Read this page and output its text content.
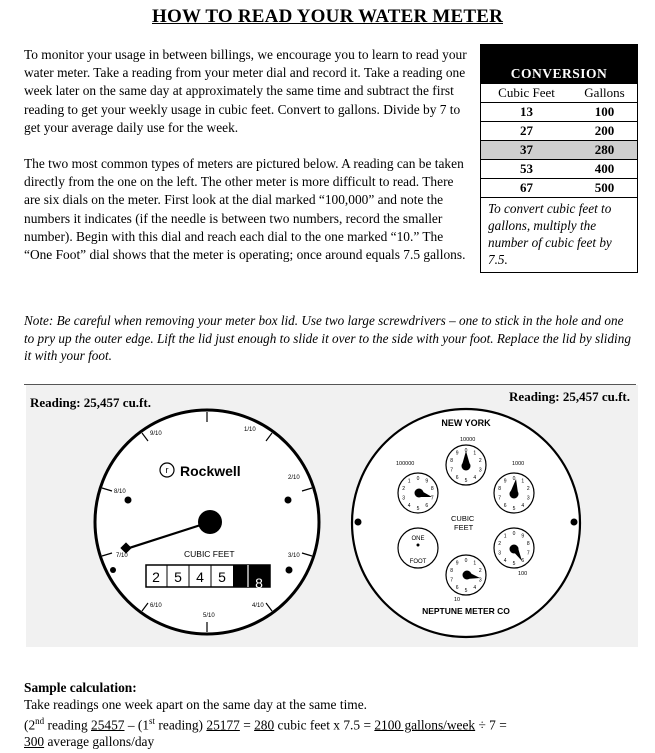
HOW TO READ YOUR WATER METER

To monitor your usage in between billings, we encourage you to learn to read your water meter. Take a reading from your meter dial and record it. Take a reading one week later on the same day at approximately the same time and subtract the first reading to get your weekly usage in cubic feet. Convert to gallons. Divide by 7 to get your average daily use for the week.

The two most common types of meters are pictured below. A reading can be taken directly from the one on the left. The other meter is more difficult to read. There are six dials on the meter. First look at the dial marked “100,000” and note the numbers it indicates (if the needle is between two numbers, record the smaller number). Begin with this dial and reach each dial to the one marked “10.” The “One Foot” dial shows that the meter is operating; once around equals 7.5 gallons.

CONVERSION
Cubic Feet	Gallons
13	100
27	200
37	280
53	400
67	500
To convert cubic feet to gallons, multiply the number of cubic feet by 7.5.
Note: Be careful when removing your meter box lid. Use two large screwdrivers – one to stick in the hole and one to pry up the outer edge. Lift the lid just enough to slide it over to the side with your foot. Replace the lid by sliding it with your foot.
Reading: 25,457 cu.ft.	Reading: 25,457 cu.ft.
9/10
1/10
2/10
8/10
7/10	3/10
6/10
5/10
4/10
r Rockwell
CUBIC FEET
2 5 4 5 8
NEW YORK
NEPTUNE METER CO
CUBIC
FEET
10000
100000	1000
100
10
ONE
FOOT
0 1
2
3
4
5
6
7
8
9
0
1
2
3
4 5 6
7
8
9	0 1
2
3
4
5
6
7
8
9
0
1
2
3
4 5 6
7
8
9
0 1
2
3
4
5
6
7
8
9
Sample calculation:
Take readings one week apart on the same day at the same time.
(2nd reading 25457 – (1st reading) 25177 = 280 cubic feet x 7.5 = 2100 gallons/week ÷ 7 =
300 average gallons/day
